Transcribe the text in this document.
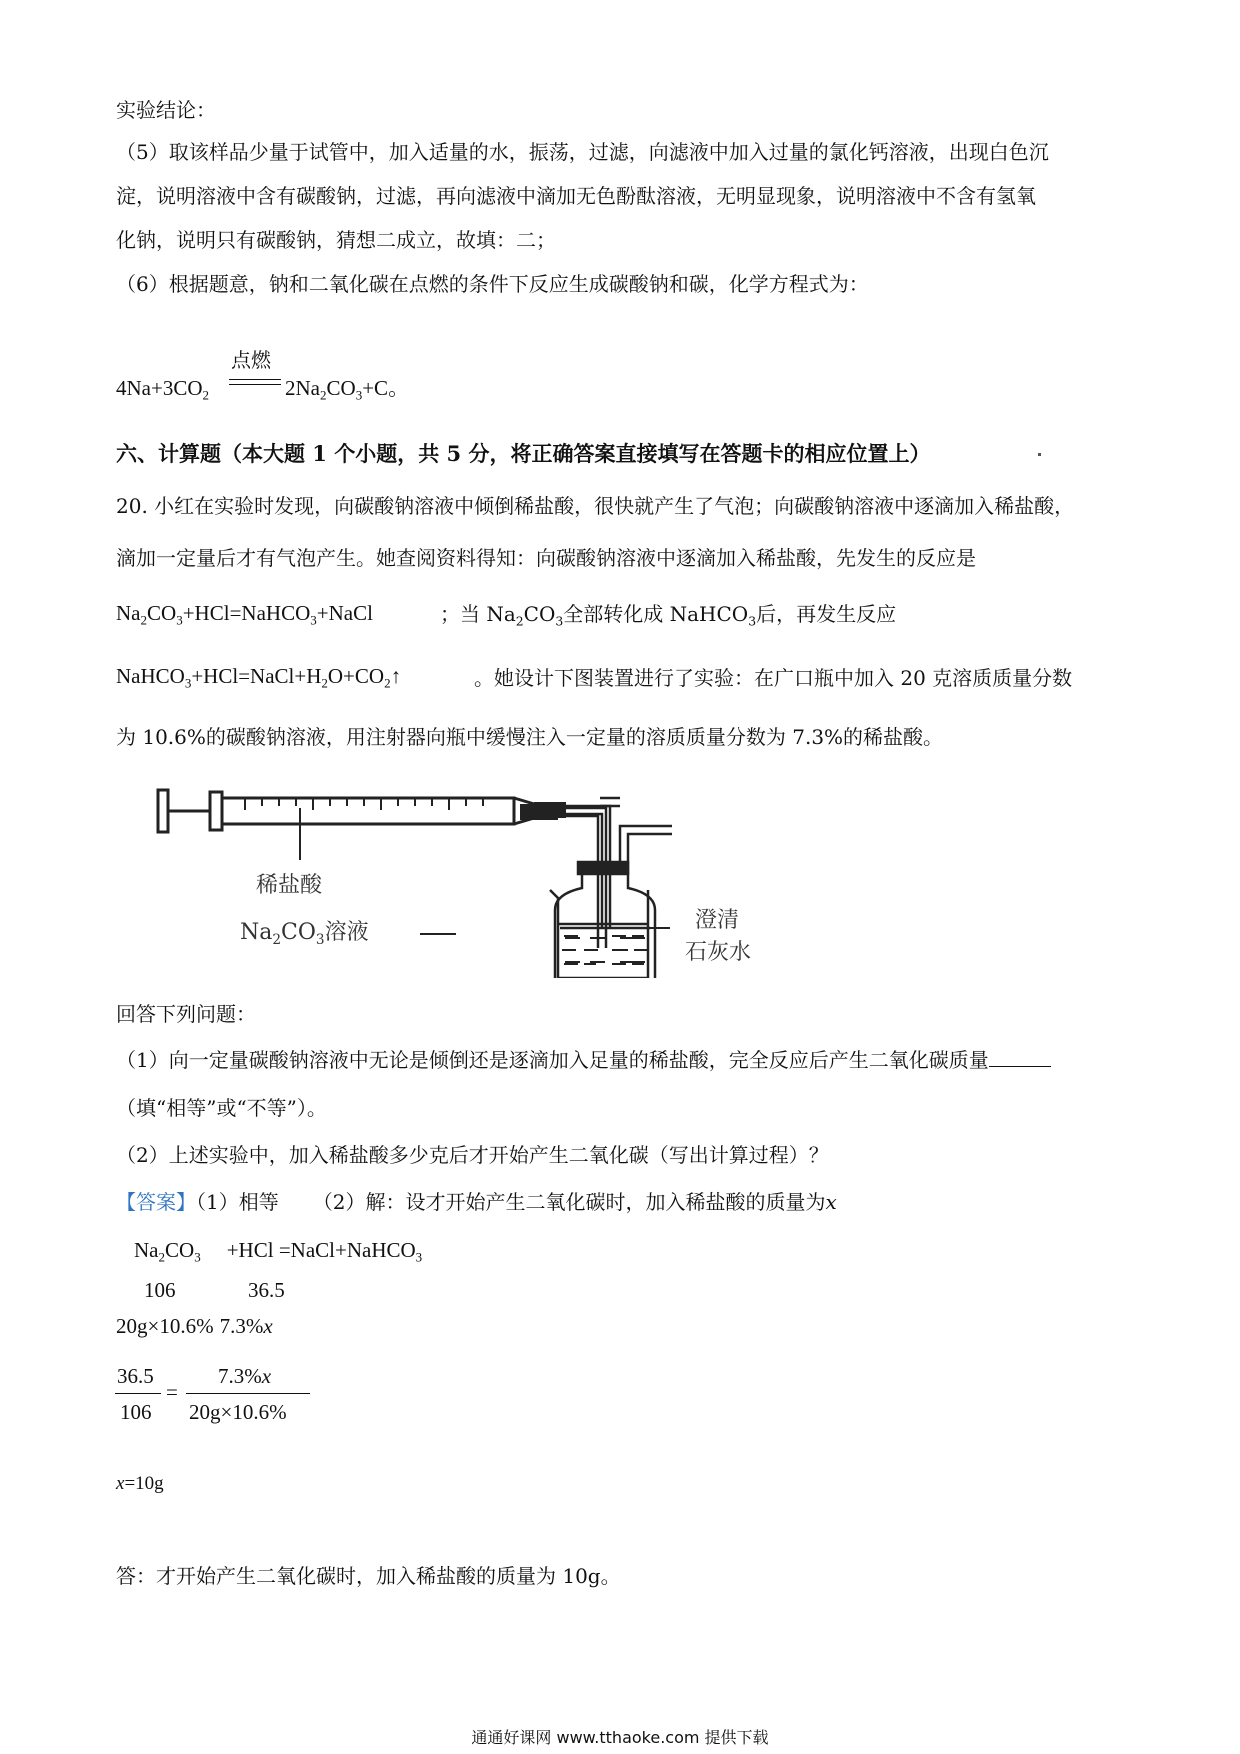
实验结论：
（5）取该样品少量于试管中，加入适量的水，振荡，过滤，向滤液中加入过量的氯化钙溶液，出现白色沉
淀，说明溶液中含有碳酸钠，过滤，再向滤液中滴加无色酚酞溶液，无明显现象，说明溶液中不含有氢氧
化钠，说明只有碳酸钠，猜想二成立，故填：二；
（6）根据题意，钠和二氧化碳在点燃的条件下反应生成碳酸钠和碳，化学方程式为：
$4Na+3CO_2$
点燃
$2Na_2CO_3+C$。
六、计算题（本大题 1 个小题，共 5 分，将正确答案直接填写在答题卡的相应位置上）
20. 小红在实验时发现，向碳酸钠溶液中倾倒稀盐酸，很快就产生了气泡；向碳酸钠溶液中逐滴加入稀盐酸，
滴加一定量后才有气泡产生。她查阅资料得知：向碳酸钠溶液中逐滴加入稀盐酸，先发生的反应是
$Na_2CO_3+HCl=NaHCO_3+NaCl$	；当 $Na_2CO_3$全部转化成 NaHCO$_3$后，再发生反应
$NaHCO_3+HCl=NaCl+H_2O+CO_2↑$	。她设计下图装置进行了实验：在广口瓶中加入 20 克溶质质量分数
为 10.6%的碳酸钠溶液，用注射器向瓶中缓慢注入一定量的溶质质量分数为 7.3%的稀盐酸。
稀盐酸
$Na_2CO_3$溶液	澄清
石灰水
回答下列问题：
（1）向一定量碳酸钠溶液中无论是倾倒还是逐滴加入足量的稀盐酸，完全反应后产生二氧化碳质量
（填“相等”或“不等”）。
（2）上述实验中，加入稀盐酸多少克后才开始产生二氧化碳（写出计算过程）？
【答案】（1）相等 （2）解：设才开始产生二氧化碳时，加入稀盐酸的质量为x
$Na_2CO_3 +HCl$ =NaCl+NaHCO$_3$
106	36.5
20g×10.6% 7.3%x
36.5
106
=
7.3%x
20g×10.6%
x=10g
答：才开始产生二氧化碳时，加入稀盐酸的质量为 10g。
通通好课网 www.tthaoke.com 提供下载
